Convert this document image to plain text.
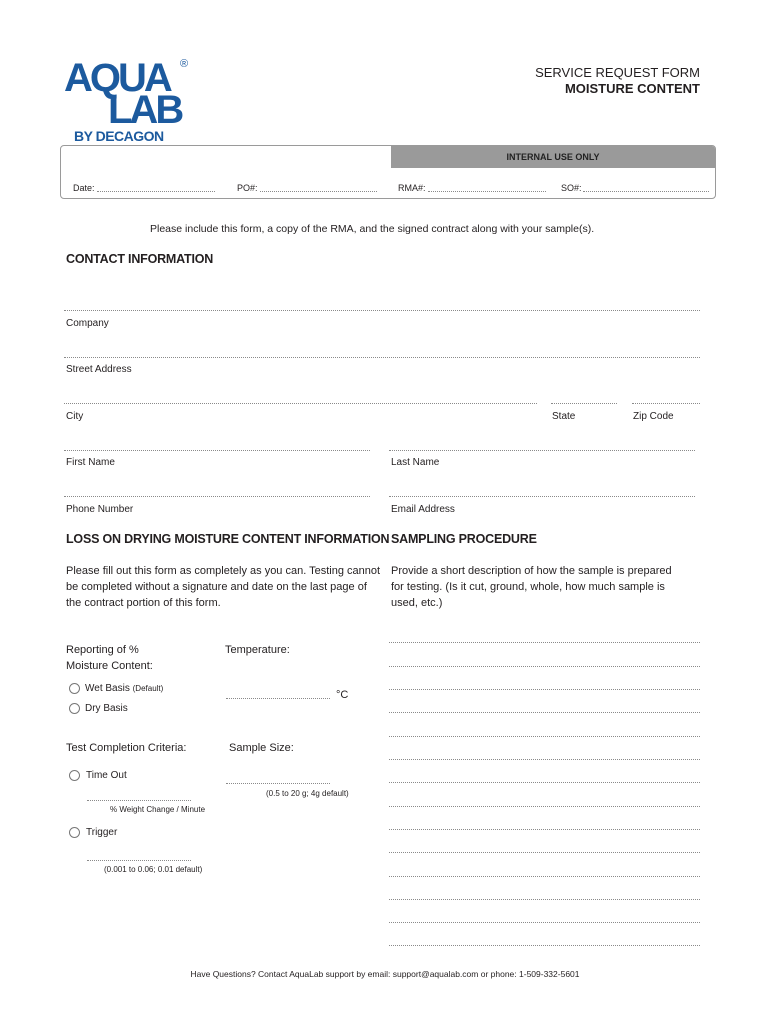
AQUA ®
LAB
BY DECAGON
SERVICE REQUEST FORM
MOISTURE CONTENT
INTERNAL USE ONLY
Date:	PO#:	RMA#:	SO#:
Please include this form, a copy of the RMA, and the signed contract along with your sample(s).
CONTACT INFORMATION
Company
Street Address
City	State	Zip Code
First Name	Last Name
Phone Number	Email Address
LOSS ON DRYING MOISTURE CONTENT INFORMATION
Please fill out this form as completely as you can. Testing cannot
be completed without a signature and date on the last page of
the contract portion of this form.
Reporting of %
Moisture Content:
Wet Basis (Default)
Dry Basis
Temperature:
°C
Test Completion Criteria:	Sample Size:
Time Out
(0.5 to 20 g; 4g default)
% Weight Change / Minute
Trigger
(0.001 to 0.06; 0.01 default)
SAMPLING PROCEDURE
Provide a short description of how the sample is prepared
for testing. (Is it cut, ground, whole, how much sample is
used, etc.)
Have Questions? Contact AquaLab support by email: support@aqualab.com or phone: 1-509-332-5601
